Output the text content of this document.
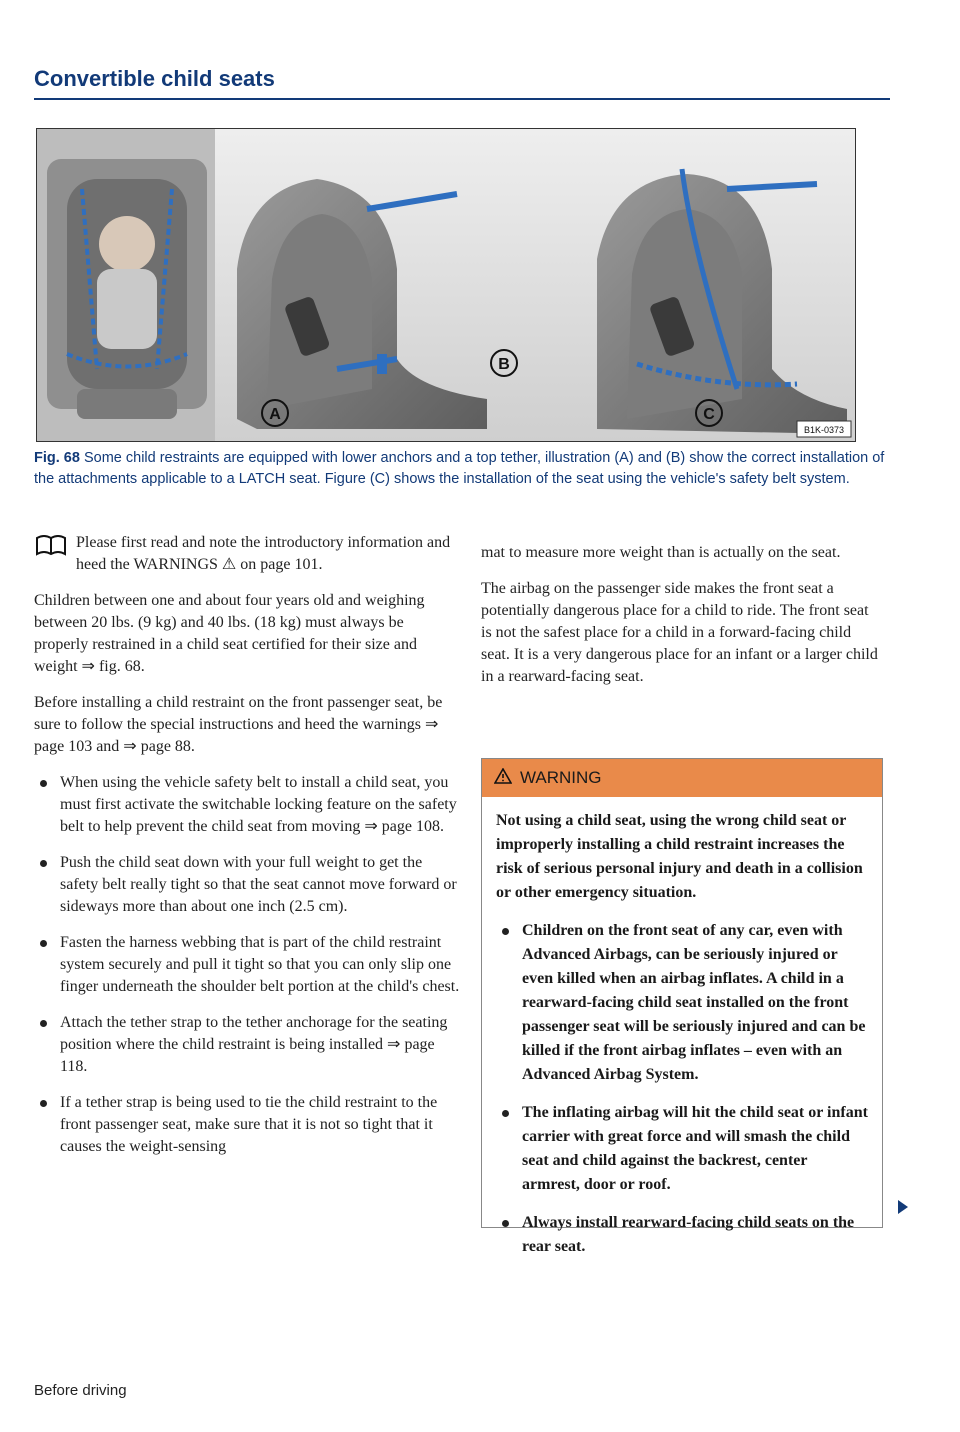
Convertible child seats
A
B
C
B1K-0373
Fig. 68 Some child restraints are equipped with lower anchors and a top tether, illustration (A) and (B) show the correct installation of the attachments applicable to a LATCH seat. Figure (C) shows the installation of the seat using the vehicle's safety belt system.

Please first read and note the introductory information and heed the WARNINGS ⚠ on page 101.

Children between one and about four years old and weighing between 20 lbs. (9 kg) and 40 lbs. (18 kg) must always be properly restrained in a child seat certified for their size and weight ⇒ fig. 68.

Before installing a child restraint on the front passenger seat, be sure to follow the special instructions and heed the warnings ⇒ page 103 and ⇒ page 88.

When using the vehicle safety belt to install a child seat, you must first activate the switchable locking feature on the safety belt to help prevent the child seat from moving ⇒ page 108.

Push the child seat down with your full weight to get the safety belt really tight so that the seat cannot move forward or sideways more than about one inch (2.5 cm).

Fasten the harness webbing that is part of the child restraint system securely and pull it tight so that you can only slip one finger underneath the shoulder belt portion at the child's chest.

Attach the tether strap to the tether anchorage for the seating position where the child restraint is being installed ⇒ page 118.

If a tether strap is being used to tie the child restraint to the front passenger seat, make sure that it is not so tight that it causes the weight-sensing

mat to measure more weight than is actually on the seat.

The airbag on the passenger side makes the front seat a potentially dangerous place for a child to ride. The front seat is not the safest place for a child in a forward-facing child seat. It is a very dangerous place for an infant or a larger child in a rearward-facing seat.

WARNING

Not using a child seat, using the wrong child seat or improperly installing a child restraint increases the risk of serious personal injury and death in a collision or other emergency situation.

Children on the front seat of any car, even with Advanced Airbags, can be seriously injured or even killed when an airbag inflates. A child in a rearward-facing child seat installed on the front passenger seat will be seriously injured and can be killed if the front airbag inflates – even with an Advanced Airbag System.

The inflating airbag will hit the child seat or infant carrier with great force and will smash the child seat and child against the backrest, center armrest, door or roof.

Always install rearward-facing child seats on the rear seat.

Before driving
